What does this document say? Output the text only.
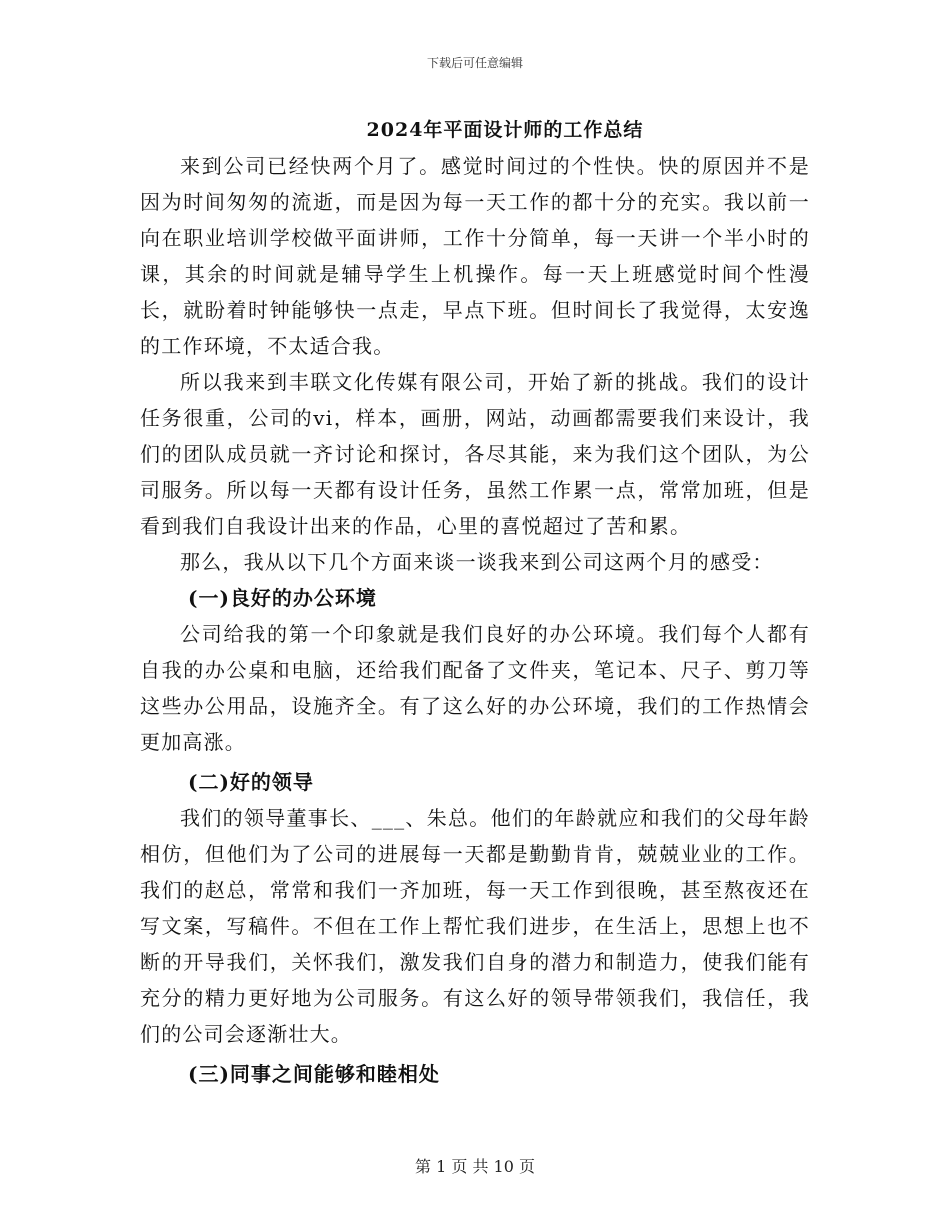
下载后可任意编辑
2024年平面设计师的工作总结

来到公司已经快两个月了。感觉时间过的个性快。快的原因并不是因为时间匆匆的流逝，而是因为每一天工作的都十分的充实。我以前一向在职业培训学校做平面讲师，工作十分简单，每一天讲一个半小时的课，其余的时间就是辅导学生上机操作。每一天上班感觉时间个性漫长，就盼着时钟能够快一点走，早点下班。但时间长了我觉得，太安逸的工作环境，不太适合我。

所以我来到丰联文化传媒有限公司，开始了新的挑战。我们的设计任务很重，公司的vi，样本，画册，网站，动画都需要我们来设计，我们的团队成员就一齐讨论和探讨，各尽其能，来为我们这个团队，为公司服务。所以每一天都有设计任务，虽然工作累一点，常常加班，但是看到我们自我设计出来的作品，心里的喜悦超过了苦和累。

那么，我从以下几个方面来谈一谈我来到公司这两个月的感受：

(一)良好的办公环境

公司给我的第一个印象就是我们良好的办公环境。我们每个人都有自我的办公桌和电脑，还给我们配备了文件夹，笔记本、尺子、剪刀等这些办公用品，设施齐全。有了这么好的办公环境，我们的工作热情会更加高涨。

(二)好的领导

我们的领导董事长、___、朱总。他们的年龄就应和我们的父母年龄相仿，但他们为了公司的进展每一天都是勤勤肯肯，兢兢业业的工作。我们的赵总，常常和我们一齐加班，每一天工作到很晚，甚至熬夜还在写文案，写稿件。不但在工作上帮忙我们进步，在生活上，思想上也不断的开导我们，关怀我们，激发我们自身的潜力和制造力，使我们能有充分的精力更好地为公司服务。有这么好的领导带领我们，我信任，我们的公司会逐渐壮大。

(三)同事之间能够和睦相处
第 1 页 共 10 页
